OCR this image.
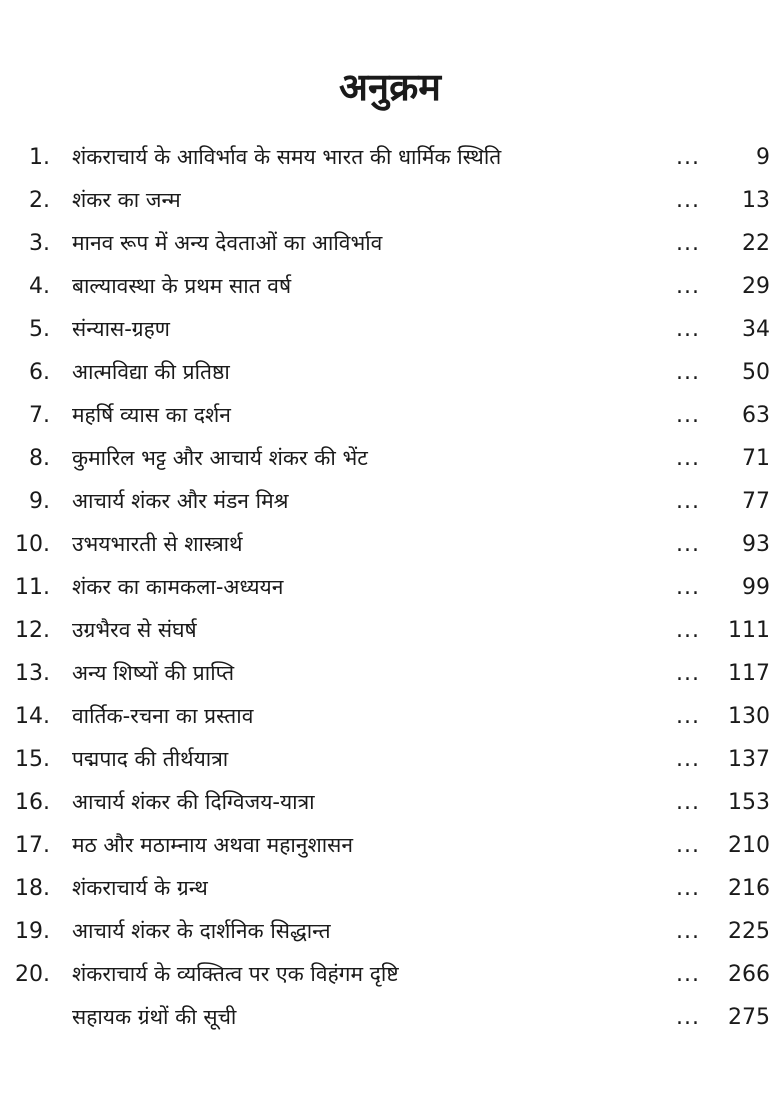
अनुक्रम
1. शंकराचार्य के आविर्भाव के समय भारत की धार्मिक स्थिति	...	9
2. शंकर का जन्म	... 13
3. मानव रूप में अन्य देवताओं का आविर्भाव	... 22
4. बाल्यावस्था के प्रथम सात वर्ष	... 29
5. संन्यास-ग्रहण	... 34
6. आत्मविद्या की प्रतिष्ठा	... 50
7. महर्षि व्यास का दर्शन	... 63
8. कुमारिल भट्ट और आचार्य शंकर की भेंट	... 71
9. आचार्य शंकर और मंडन मिश्र	... 77
10. उभयभारती से शास्त्रार्थ	... 93
11. शंकर का कामकला-अध्ययन	... 99
12. उग्रभैरव से संघर्ष	... 111
13. अन्य शिष्यों की प्राप्ति	... 117
14. वार्तिक-रचना का प्रस्ताव	... 130
15. पद्मपाद की तीर्थयात्रा	... 137
16. आचार्य शंकर की दिग्विजय-यात्रा	... 153
17. मठ और मठाम्नाय अथवा महानुशासन	... 210
18. शंकराचार्य के ग्रन्थ	... 216
19. आचार्य शंकर के दार्शनिक सिद्धान्त	... 225
20. शंकराचार्य के व्यक्तित्व पर एक विहंगम दृष्टि	... 266
सहायक ग्रंथों की सूची	... 275
